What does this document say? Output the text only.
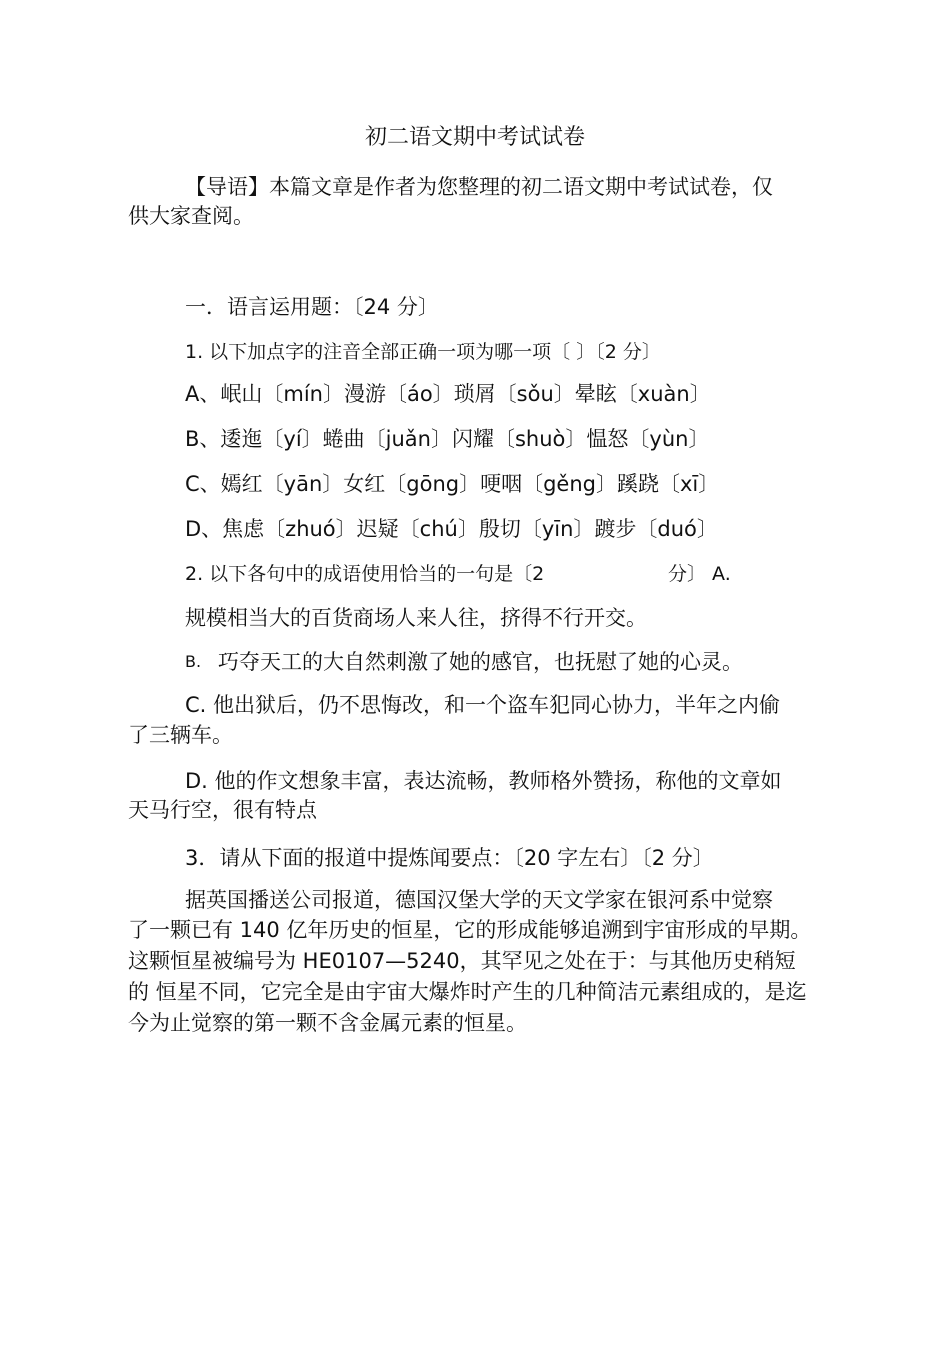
初二语文期中考试试卷
【导语】本篇文章是作者为您整理的初二语文期中考试试卷，仅
供大家查阅。
一．语言运用题：〔24 分〕
1. 以下加点字的注音全部正确一项为哪一项〔 〕〔2 分〕
A、岷山〔mín〕漫游〔áo〕琐屑〔sǒu〕晕眩〔xuàn〕
B、逶迤〔yí〕蜷曲〔juǎn〕闪耀〔shuò〕愠怒〔yùn〕
C、嫣红〔yān〕女红〔gōng〕哽咽〔gěng〕蹊跷〔xī〕
D、焦虑〔zhuó〕迟疑〔chú〕殷切〔yīn〕踱步〔duó〕
2. 以下各句中的成语使用恰当的一句是〔2	分〕 A.
规模相当大的百货商场人来人往，挤得不行开交。
B. 巧夺天工的大自然刺激了她的感官，也抚慰了她的心灵。
C. 他出狱后，仍不思悔改，和一个盗车犯同心协力，半年之内偷
了三辆车。
D. 他的作文想象丰富，表达流畅，教师格外赞扬，称他的文章如
天马行空，很有特点
3．请从下面的报道中提炼闻要点：〔20 字左右〕〔2 分〕
据英国播送公司报道，德国汉堡大学的天文学家在银河系中觉察
了一颗已有 140 亿年历史的恒星，它的形成能够追溯到宇宙形成的早期。
这颗恒星被编号为 HE0107—5240，其罕见之处在于：与其他历史稍短
的 恒星不同，它完全是由宇宙大爆炸时产生的几种简洁元素组成的，是迄
今为止觉察的第一颗不含金属元素的恒星。
